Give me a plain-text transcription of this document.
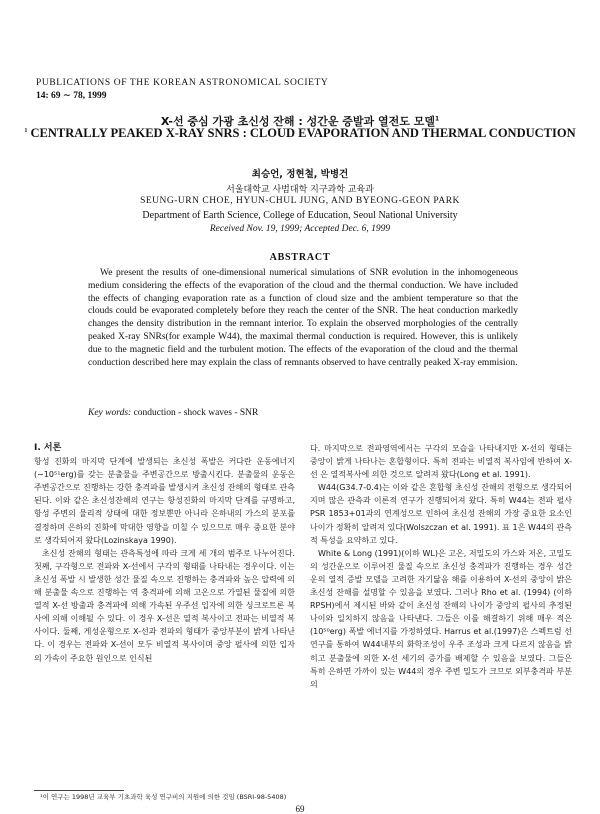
PUBLICATIONS OF THE KOREAN ASTRONOMICAL SOCIETY
14: 69 ∼ 78, 1999
X-선 중심 가광 초신성 잔해 : 성간운 증발과 열전도 모델$^1$
$^1$ CENTRALLY PEAKED X-RAY SNRS : CLOUD EVAPORATION AND THERMAL CONDUCTION
최승언, 정현철, 박병건
서울대학교 사범대학 지구과학 교육과
SEUNG-URN CHOE, HYUN-CHUL JUNG, AND BYEONG-GEON PARK
Department of Earth Science, College of Education, Seoul National University
Received Nov. 19, 1999; Accepted Dec. 6, 1999
ABSTRACT
We present the results of one-dimensional numerical simulations of SNR evolution in the inhomogeneous medium considering the effects of the evaporation of the cloud and the thermal conduction. We have included the effects of changing evaporation rate as a function of cloud size and the ambient temperature so that the clouds could be evaporated completely before they reach the center of the SNR. The heat conduction markedly changes the density distribution in the remnant interior. To explain the observed morphologies of the centrally peaked X-ray SNRs(for example W44), the maximal thermal conduction is required. However, this is unlikely due to the magnetic field and the turbulent motion. The effects of the evaporation of the cloud and the thermal conduction described here may explain the class of remnants observed to have centrally peaked X-ray emmision.
Key words: conduction - shock waves - SNR

I. 서론

항성 진화의 마지막 단계에 발생되는 초신성 폭발은 커다란 운동에너지(∼10⁵¹erg)를 갖는 분출물을 주변공간으로 방출시킨다. 분출물의 운동은 주변공간으로 진행하는 강한 충격파를 발생시켜 초신성 잔해의 형태로 관측된다. 이와 같은 초신성잔해의 연구는 항성진화의 마지막 단계를 규명하고, 항성 주변의 물리적 상태에 대한 정보뿐만 아니라 은하내의 가스의 분포를 결정하며 은하의 진화에 막대한 영향을 미칠 수 있으므로 매우 중요한 분야로 생각되어져 왔다(Lozinskaya 1990).

초신성 잔해의 형태는 관측특성에 따라 크게 세 개의 범주로 나누어진다. 첫째, 구각형으로 전파와 X-선에서 구각의 형태를 나타내는 경우이다. 이는 초신성 폭발 시 발생한 성간 물질 속으로 진행하는 충격파와 높은 압력에 의해 분출물 속으로 진행하는 역 충격파에 의해 고온으로 가열된 물질에 의한 열적 X-선 방출과 충격파에 의해 가속된 우주선 입자에 의한 싱크로트론 복사에 의해 이해될 수 있다. 이 경우 X-선은 열적 복사이고 전파는 비열적 복사이다. 둘째, 게성운형으로 X-선과 전파의 형태가 중앙부분이 밝게 나타난다. 이 경우는 전파와 X-선이 모두 비열적 복사이며 중앙 펄사에 의한 입자의 가속이 주요한 원인으로 인식된

다. 마지막으로 전파영역에서는 구각의 모습을 나타내지만 X-선의 형태는 중앙이 밝게 나타나는 혼합형이다. 특히 전파는 비열적 복사임에 반하여 X-선 은 열적복사에 의한 것으로 알려져 왔다(Long et al. 1991).

W44(G34.7-0.4)는 이와 같은 혼합형 초신성 잔해의 전형으로 생각되어지며 많은 관측과 이론적 연구가 진행되어져 왔다. 특히 W44는 전파 펄사 PSR 1853+01과의 연계성으로 인하여 초신성 잔해의 가장 중요한 요소인 나이가 정확히 알려져 있다(Wolszczan et al. 1991). 표 1은 W44의 관측적 특성을 요약하고 있다.

White & Long (1991)(이하 WL)은 고온, 저밀도의 가스와 저온, 고밀도의 성간운으로 이루어진 물질 속으로 초신성 충격파가 진행하는 경우 성간운의 열적 증발 모델을 고려한 자기닮음 해를 이용하여 X-선의 중앙이 밝은 초신성 잔해를 설명할 수 있음을 보였다. 그러나 Rho et al. (1994) (이하 RPSH)에서 제시된 바와 같이 초신성 잔해의 나이가 중앙의 펄사의 추정된 나이와 일치하지 않음을 나타낸다. 그들은 이를 해결하기 위해 매우 적은(10⁵⁰erg) 폭발 에너지를 가정하였다. Harrus et al.(1997)은 스펙트럼 선 연구를 통하여 W44내부의 화학조성이 우주 조성과 크게 다르지 않음을 밝히고 분출물에 의한 X-선 세기의 증가를 배제할 수 있음을 보였다. 그들은 특히 은하면 가까이 있는 W44의 경우 주변 밀도가 크므로 외부충격파 부분의

¹이 연구는 1998년 교육부 기초과학 육성 연구비의 지원에 의한 것임 (BSRI-98-5408)
69
